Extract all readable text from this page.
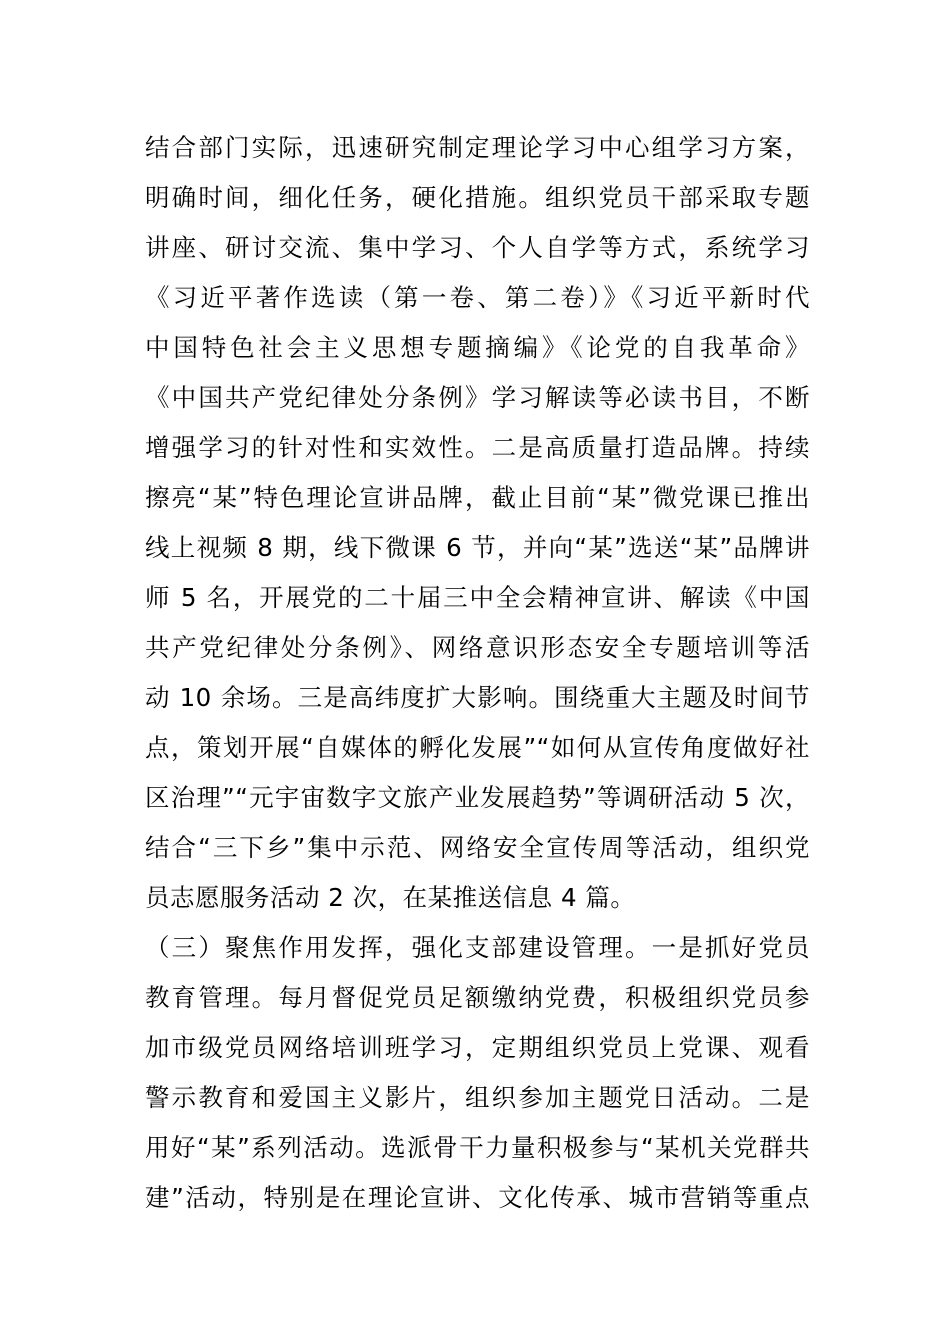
结合部门实际，迅速研究制定理论学习中心组学习方案，
明确时间，细化任务，硬化措施。组织党员干部采取专题
讲座、研讨交流、集中学习、个人自学等方式，系统学习
《习近平著作选读（第一卷、第二卷）》《习近平新时代
中国特色社会主义思想专题摘编》《论党的自我革命》
《中国共产党纪律处分条例》学习解读等必读书目，不断
增强学习的针对性和实效性。二是高质量打造品牌。持续
擦亮“某”特色理论宣讲品牌，截止目前“某”微党课已推出
线上视频 8 期，线下微课 6 节，并向“某”选送“某”品牌讲
师 5 名，开展党的二十届三中全会精神宣讲、解读《中国
共产党纪律处分条例》、网络意识形态安全专题培训等活
动 10 余场。三是高纬度扩大影响。围绕重大主题及时间节
点，策划开展“自媒体的孵化发展”“如何从宣传角度做好社
区治理”“元宇宙数字文旅产业发展趋势”等调研活动 5 次，
结合“三下乡”集中示范、网络安全宣传周等活动，组织党
员志愿服务活动 2 次，在某推送信息 4 篇。
（三）聚焦作用发挥，强化支部建设管理。一是抓好党员
教育管理。每月督促党员足额缴纳党费，积极组织党员参
加市级党员网络培训班学习，定期组织党员上党课、观看
警示教育和爱国主义影片，组织参加主题党日活动。二是
用好“某”系列活动。选派骨干力量积极参与“某机关党群共
建”活动，特别是在理论宣讲、文化传承、城市营销等重点
